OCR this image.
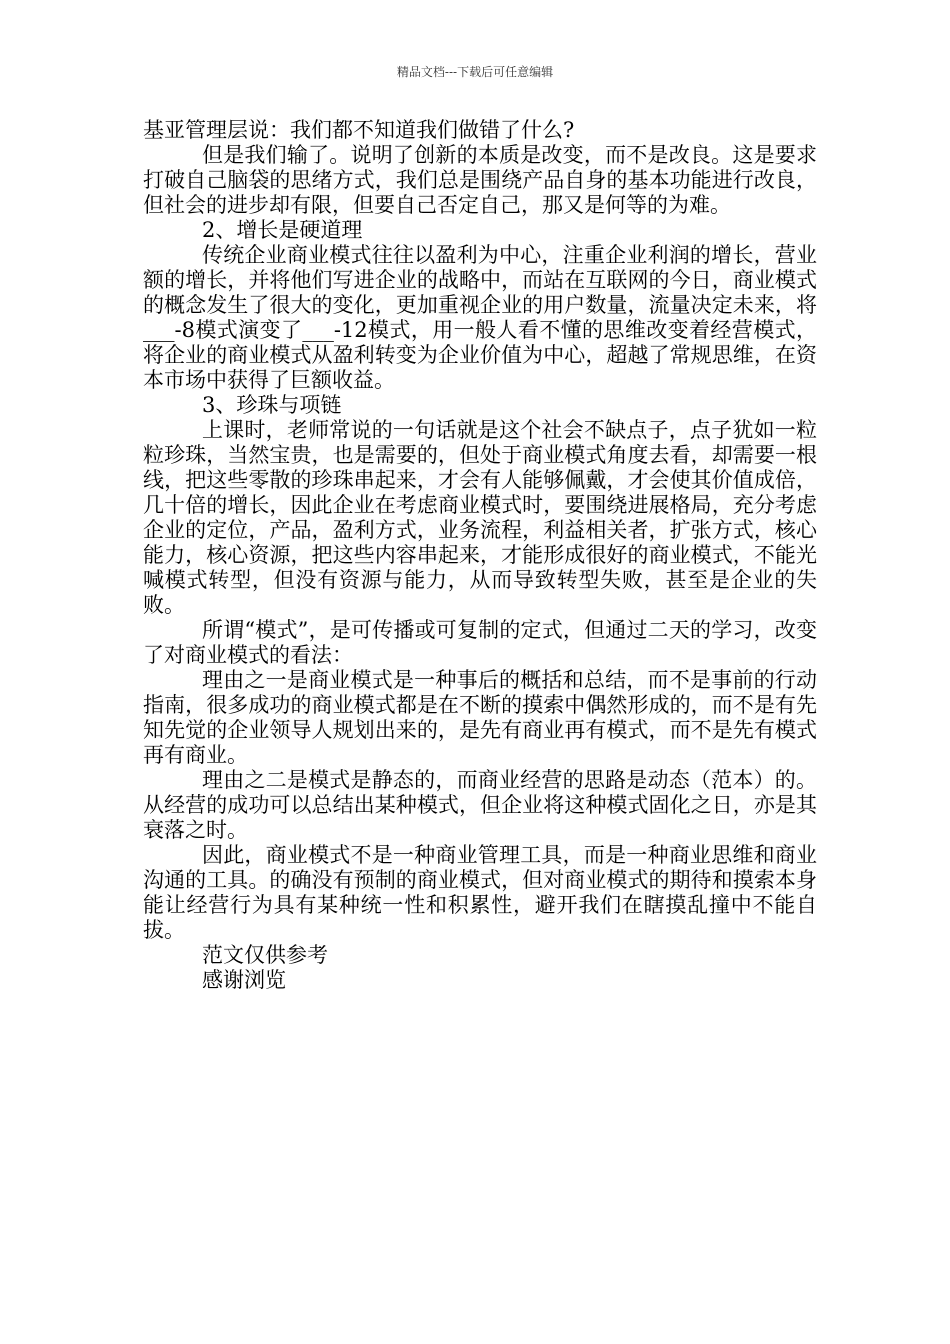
精品文档---下载后可任意编辑

基亚管理层说：我们都不知道我们做错了什么?

但是我们输了。说明了创新的本质是改变，而不是改良。这是要求打破自己脑袋的思绪方式，我们总是围绕产品自身的基本功能进行改良，但社会的进步却有限，但要自己否定自己，那又是何等的为难。

2、增长是硬道理

传统企业商业模式往往以盈利为中心，注重企业利润的增长，营业额的增长，并将他们写进企业的战略中，而站在互联网的今日，商业模式的概念发生了很大的变化，更加重视企业的用户数量，流量决定未来，将___-8模式演变了___-12模式，用一般人看不懂的思维改变着经营模式，将企业的商业模式从盈利转变为企业价值为中心，超越了常规思维，在资本市场中获得了巨额收益。

3、珍珠与项链

上课时，老师常说的一句话就是这个社会不缺点子，点子犹如一粒粒珍珠，当然宝贵，也是需要的，但处于商业模式角度去看，却需要一根线，把这些零散的珍珠串起来，才会有人能够佩戴，才会使其价值成倍，几十倍的增长，因此企业在考虑商业模式时，要围绕进展格局，充分考虑企业的定位，产品，盈利方式，业务流程，利益相关者，扩张方式，核心能力，核心资源，把这些内容串起来，才能形成很好的商业模式，不能光喊模式转型，但没有资源与能力，从而导致转型失败，甚至是企业的失败。

所谓“模式”，是可传播或可复制的定式，但通过二天的学习，改变了对商业模式的看法：

理由之一是商业模式是一种事后的概括和总结，而不是事前的行动指南，很多成功的商业模式都是在不断的摸索中偶然形成的，而不是有先知先觉的企业领导人规划出来的，是先有商业再有模式，而不是先有模式再有商业。

理由之二是模式是静态的，而商业经营的思路是动态（范本）的。从经营的成功可以总结出某种模式，但企业将这种模式固化之日，亦是其衰落之时。

因此，商业模式不是一种商业管理工具，而是一种商业思维和商业沟通的工具。的确没有预制的商业模式，但对商业模式的期待和摸索本身能让经营行为具有某种统一性和积累性，避开我们在瞎摸乱撞中不能自拔。

范文仅供参考

感谢浏览
